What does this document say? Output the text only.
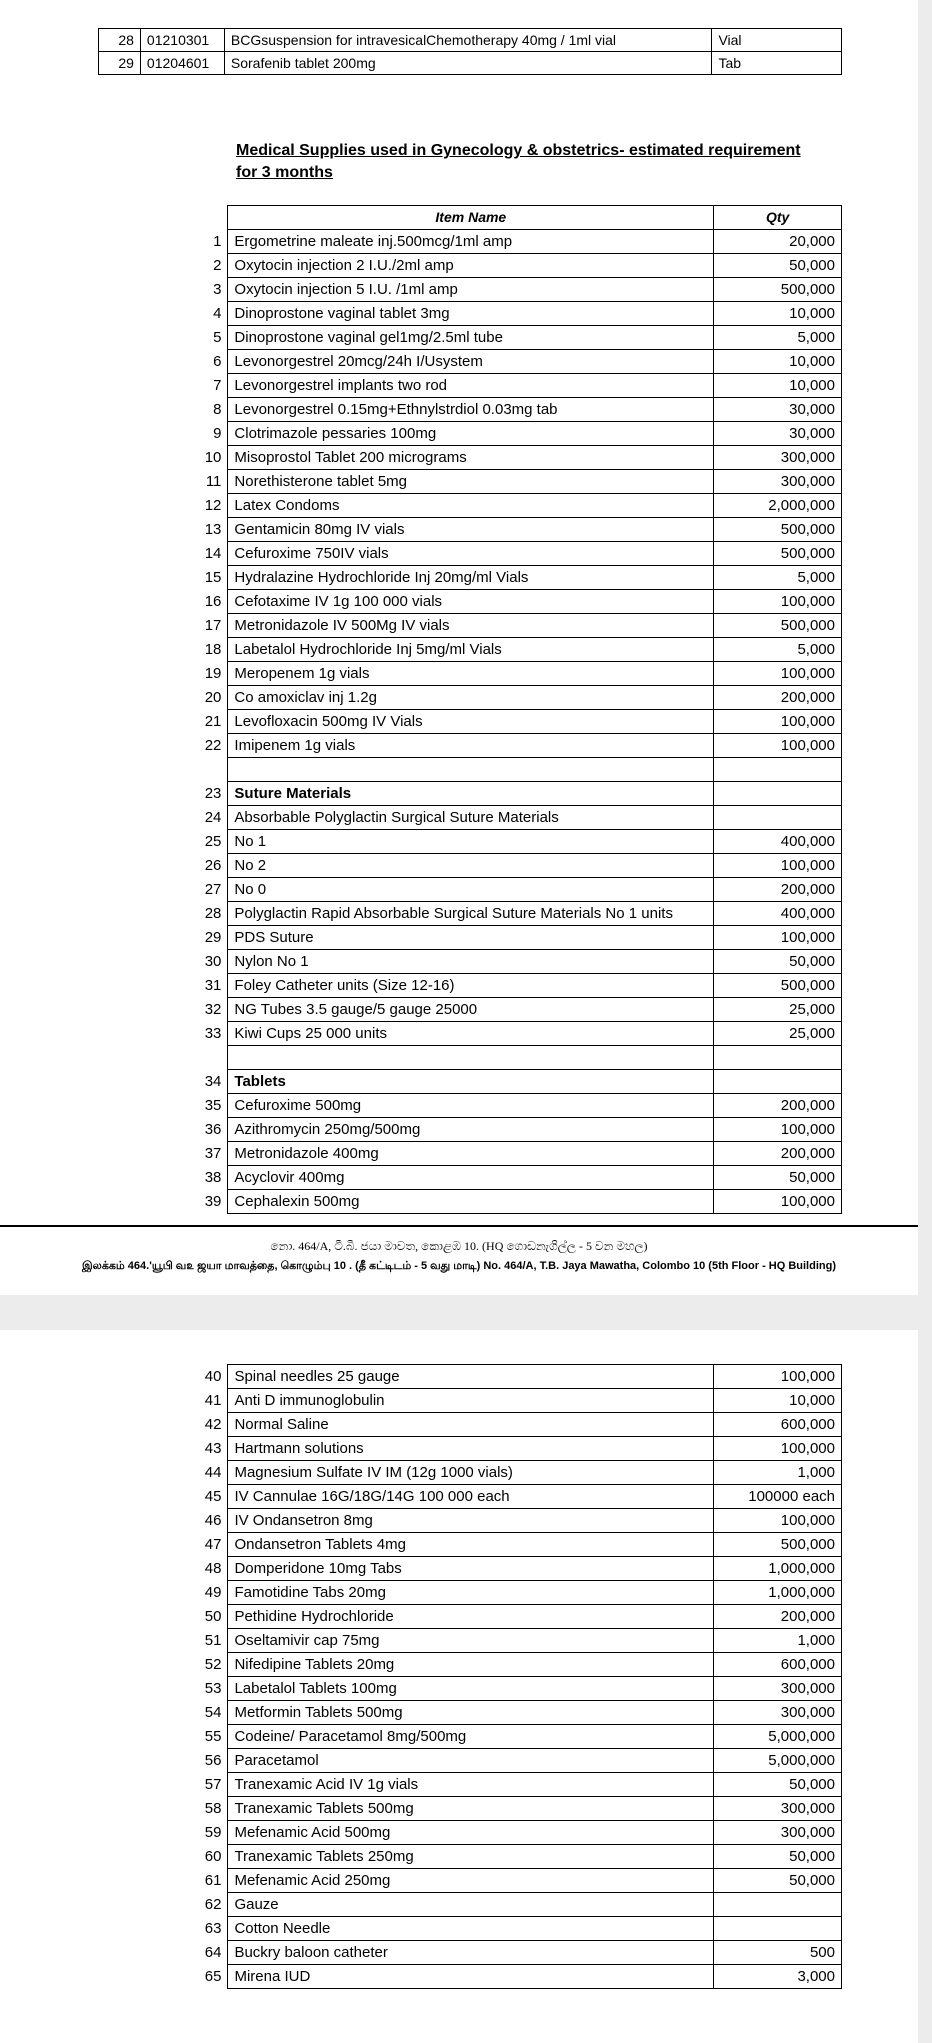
28	01210301	BCGsuspension for intravesicalChemotherapy 40mg / 1ml vial	Vial
29	01204601	Sorafenib tablet 200mg	Tab
Medical Supplies used in Gynecology & obstetrics- estimated requirement for 3 months
	Item Name	Qty
1	Ergometrine maleate inj.500mcg/1ml amp	20,000
2	Oxytocin injection 2 I.U./2ml amp	50,000
3	Oxytocin injection 5 I.U. /1ml amp	500,000
4	Dinoprostone vaginal tablet 3mg	10,000
5	Dinoprostone vaginal gel1mg/2.5ml tube	5,000
6	Levonorgestrel 20mcg/24h I/Usystem	10,000
7	Levonorgestrel implants two rod	10,000
8	Levonorgestrel 0.15mg+Ethnylstrdiol 0.03mg tab	30,000
9	Clotrimazole pessaries 100mg	30,000
10	Misoprostol Tablet 200 micrograms	300,000
11	Norethisterone tablet 5mg	300,000
12	Latex Condoms	2,000,000
13	Gentamicin 80mg IV vials	500,000
14	Cefuroxime 750IV vials	500,000
15	Hydralazine Hydrochloride Inj 20mg/ml Vials	5,000
16	Cefotaxime IV 1g 100 000 vials	100,000
17	Metronidazole IV 500Mg IV vials	500,000
18	Labetalol Hydrochloride Inj 5mg/ml Vials	5,000
19	Meropenem 1g vials	100,000
20	Co amoxiclav inj 1.2g	200,000
21	Levofloxacin 500mg IV Vials	100,000
22	Imipenem 1g vials	100,000

23	Suture Materials	
24	Absorbable Polyglactin Surgical Suture Materials	
25	No 1	400,000
26	No 2	100,000
27	No 0	200,000
28	Polyglactin Rapid Absorbable Surgical Suture Materials No 1 units	400,000
29	PDS Suture	100,000
30	Nylon No 1	50,000
31	Foley Catheter units (Size 12-16)	500,000
32	NG Tubes 3.5 gauge/5 gauge 25000	25,000
33	Kiwi Cups 25 000 units	25,000

34	Tablets	
35	Cefuroxime 500mg	200,000
36	Azithromycin 250mg/500mg	100,000
37	Metronidazole 400mg	200,000
38	Acyclovir 400mg	50,000
39	Cephalexin 500mg	100,000
නො. 464/A, ටී.බී. ජයා මාවත, කොළඹ 10. (HQ ගොඩනැගිල්ල - 5 වන මහල)
இலக்கம் 464.'யூபி வ௨ ஜயா மாவத்தை, கொழும்பு 10 . (தீ கட்டிடம் - 5 வது மாடி) No. 464/A, T.B. Jaya Mawatha, Colombo 10 (5th Floor - HQ Building)
40	Spinal needles 25 gauge	100,000
41	Anti D immunoglobulin	10,000
42	Normal Saline	600,000
43	Hartmann solutions	100,000
44	Magnesium Sulfate IV IM (12g 1000 vials)	1,000
45	IV Cannulae 16G/18G/14G 100 000 each	100000 each
46	IV Ondansetron 8mg	100,000
47	Ondansetron Tablets 4mg	500,000
48	Domperidone 10mg Tabs	1,000,000
49	Famotidine Tabs 20mg	1,000,000
50	Pethidine Hydrochloride	200,000
51	Oseltamivir cap 75mg	1,000
52	Nifedipine Tablets 20mg	600,000
53	Labetalol Tablets 100mg	300,000
54	Metformin Tablets 500mg	300,000
55	Codeine/ Paracetamol 8mg/500mg	5,000,000
56	Paracetamol	5,000,000
57	Tranexamic Acid IV 1g vials	50,000
58	Tranexamic Tablets 500mg	300,000
59	Mefenamic Acid 500mg	300,000
60	Tranexamic Tablets 250mg	50,000
61	Mefenamic Acid 250mg	50,000
62	Gauze	
63	Cotton Needle	
64	Buckry baloon catheter	500
65	Mirena IUD	3,000
